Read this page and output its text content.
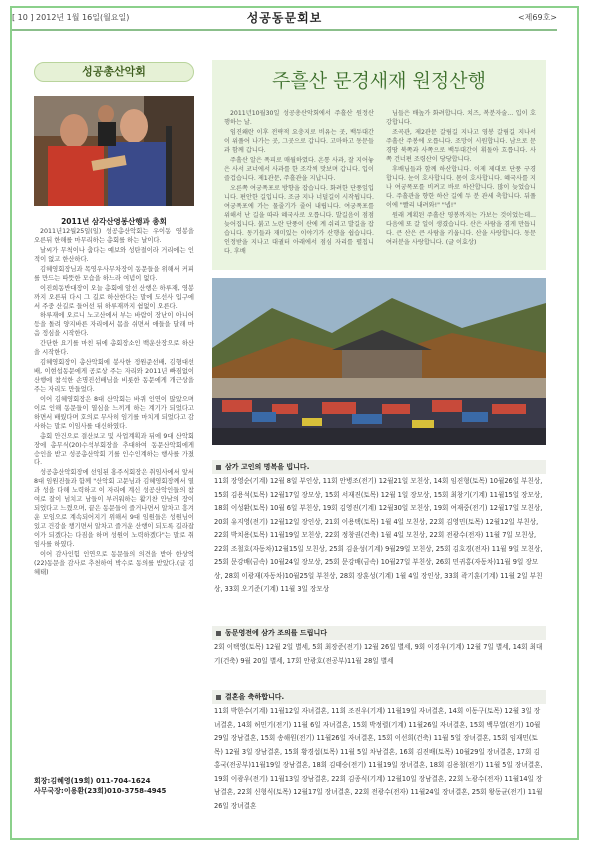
[ 10 ] 2012년 1월 16일(월요일)	성공동문회보	<제69호>
성공총산악회
2011년 삼각산영봉산행과 총회

2011년12월25일(일) 성공총산악회는 우이동 영봉을 오른뒤 한해를 마무리하는 총회를 하는 날이다.

날씨가 무척이나 춥다는 예보와 성탄절이라 거리에는 인적이 없고 한산하다.

김혜영회장님과 목영우사무차장이 동문들을 위해서 커피를 만드는 따뜻한 모습을 하느라 여념이 없다.

이진희동반대장이 오늘 총회에 앞선 산행은 하루재, 영봉까지 오른뒤 다시 그 길로 하산한다는 말에 도선사 입구에서 주중 산길로 들어선 뒤 하루재까지 쉼없이 오른다.

하루재에 오르니 노고산에서 부는 바람이 장난이 아니어 등을 돌려 양지바른 자리에서 몸을 쉬면서 애들을 달래 마음 정심을 시작한다.

간단한 요기를 마친 뒤에 총회장소인 백운산장으로 하산을 시작한다.

김혜영회장이 총산악회에 봉사한 정원준선배, 김형대선배, 이현섭동문에게 공로상 주는 자리와 2011년 빠짐없이 산행에 참석한 손명진선배님을 비롯한 동문에게 개근상을 주는 자리도 만들었다.

이어 김혜영회장은 8대 산악회는 바퀴 인연이 많았으며 이로 인해 동문들이 열심을 느끼게 하는 계기가 되었다고 하면서 배웠다며 호의로 무사히 임기를 마치게 되었다고 감사하는 말로 이임사를 대신하였다.

총회 안건으로 결산보고 및 사업계획과 뒤에 9대 산악회장에 총무식(20)수석부회장을 추대하여 동문산악회에게 승인을 받고 성공총산악회 기를 인수인계하는 행사를 가졌다.

성공총산악회장에 선임된 홍주식회장은 취임사에서 앞서 8대 임원진들과 함께 "산악회 고문님과 김혜영회장께서 열과 성을 다해 노력하고 이 자리에 계신 성공산악인들의 참여로 잘이 넘치고 남들이 부러워하는 활기찬 안남의 장이 되었다고 느꼈으며, 끝은 동문들이 즐거나면서 알차고 흥겨운 모임으로 계속되어지기 위해서 9대 임원들은 성원님이 있고 건강을 챙기면서 알차고 즐거운 산행이 되도록 길라잡이가 되겠다는 다짐을 하며 성원이 노력하겠다"는 말로 취임사를 하였다.

이어 감사인힘 인연으로 동문들의 의견을 받아 한상억(22)동문을 감사로 추천하여 박수로 동의를 받았다.(글 김혜태)

회장:김혜영(19회) 011-704-1624
사무국장:이용환(23회)010-3758-4945
주흘산 문경새재 원정산행

2011년10월30일 성공총산악회에서 주흘산 원정산행하는 날.

임진왜란 이후 전략적 요충지로 비유는 곳, 백두대간이 위풀어 나가는 곳, 그곳으로 갑니다. 고마하고 동문들과 함께 갑니다.

주흘산 알은 폭피로 매월하였다. 온통 사과, 잘 지어놓은 사서 코너에서 사과를 한 조각씩 맛보며 갑니다. 입이 즐겁습니다. 제1관문, 주흘관을 지납니다.

오른쪽 여궁폭포로 방향을 잡습니다. 화려한 단풍잎입니다. 편안한 길입니다. 조금 지나 너덜길이 시작됩니다. 여궁폭포에 가는 물줄기가 줄어 내립니다. 여궁폭포를 위해서 난 길을 따라 혜국사로 오릅니다. 발길음이 점점 늦어집니다. 붉고 노란 단풍이 산에 계 쉬리고 발길을 잡습니다. 동기들과 재미있는 이야기가 산행을 쉽습니다. 인정받을 지나고 대궐터 아래에서 점심 자리를 펼칩니다. 후배

님들은 배높가 화려합니다. 치즈, 복분자술... 입이 호강합니다.

조곡관, 제2관문 갈림길 지나고 영봉 갈림길 지나서 주흘산 주봉에 오릅니다. 조망이 시원합니다. 남으로 문경땅 북쪽과 사쪽으로 백두대간이 휘돌아 흐릅니다. 사쪽 건너편 조령산이 당당합니다.

후배님들과 함께 하산합니다. 이제 제대로 단풍 구경합니다. 눈이 호사합니다. 몸이 호사합니다. 혜국사를 지나 여궁폭포를 비켜고 바로 하산합니다. 많이 늦었습니다. 주흘관을 향한 하산 길에 두 분 관세 축합니다. 뒤풀이에 "빨리 내려와!" "넵!"

원래 계획된 주흘산 영봉까지는 가보는 것이었는데... 다음에 또 갈 일이 생겼습니다. 산은 사람을 겸게 만듭니다. 큰 산은 큰 사람을 키웁니다. 산을 사랑합니다. 동문 여러분을 사랑합니다. (글 이효상)

삼가 고인의 명복을 빕니다.
11회 장영순(기계) 12월 8일 부인상, 11회 안병조(전기) 12월21일 모친상, 14회 임진형(토목) 10월26일 부친상, 15회 김용석(토목) 12월17일 장모상, 15회 서재진(토목) 12월 1일 장모상, 15회 최창기(기계) 11월15일 장모상, 18회 이성환(토목) 10월 6일 부친상, 19회 김영진(기계) 12월30일 모친상, 19회 여재중(전기) 12월17일 모친상, 20회 유지영(전기) 12월12일 장인상, 21회 이용택(토목) 1월 4일 모친상, 22회 김영민(토목) 12월12일 부친상, 22회 박치용(토목) 11월19일 모친상, 22회 정창권(건축) 1월 4일 모친상, 22회 전광수(전자) 11월 7일 모친상, 22회 조철호(자동차)12월15일 모친상, 25회 김윤성(기계) 9월29일 모친상, 25회 김호경(전자) 11월 9일 모친상, 25회 문강배(금속) 10월24일 장모상, 25회 문강배(금속) 10월27일 부친상, 26회 민귀홍(자동차)11월 9일 장모상, 28회 이광재(자동차)10월25일 부친상, 28회 장훈성(기계) 1월 4일 장인상, 33회 곽기훈(기계) 11월 2일 부친상, 33회 오기준(기계) 11월 3일 장모상
동문영전에 삼가 조의를 드립니다
2회 이택영(토목) 12월 2일 별세, 5회 최장준(전기) 12월 26일 별세, 9회 이경우(기계) 12월 7일 별세, 14회 최대기(건축) 9월 20일 별세, 17회 안광호(전공부)11월 28일 별세
결혼을 축하합니다.
11회 박한수(기계) 11월12일 자녀결혼, 11회 조진우(기계) 11월19일 자녀결혼, 14회 이동구(토목) 12월 3일 장녀결혼, 14회 허민기(전기) 11월 6일 자녀결혼, 15회 박정렬(기계) 11월26일 자녀결혼, 15회 백무열(전기) 10월29일 장남결혼, 15회 송해원(전기) 11월26일 자녀결혼, 15회 이선희(건축) 11월 5일 장녀결혼, 15회 임재민(토목) 12월 3일 장남결혼, 15회 황경섭(토목) 11월 5일 차남결혼, 16회 김진배(토목) 10월29일 장녀결혼, 17회 김홍국(전공부)11월19일 장남결혼, 18회 김태승(전기) 11월19일 장녀결혼, 18회 김용철(전기) 11월 5일 장녀결혼, 19회 이광우(전기) 11월13일 장남결혼, 22회 김종식(기계) 12월10일 장남결혼, 22회 노광수(전자) 11월14일 장남결혼, 22회 신형식(토목) 12월17일 장녀결혼, 22회 전광수(전자) 11월24일 장녀결혼, 25회 왕동균(전기) 11월26일 장녀결혼
